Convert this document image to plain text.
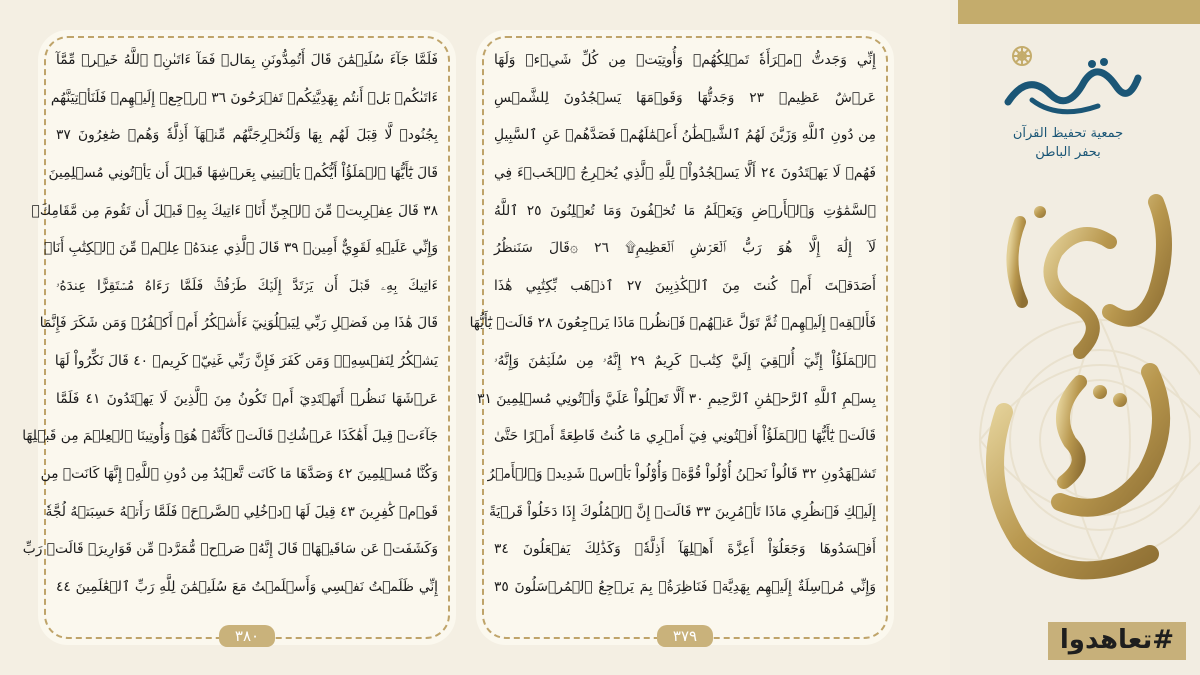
فَلَمَّا جَآءَ سُلَيۡمَٰنَ قَالَ أَتُمِدُّونَنِ بِمَالٖ فَمَآ ءَاتَىٰنِۦَ ٱللَّهُ خَيۡرٞ مِّمَّآ
ءَاتَىٰكُمۚ بَلۡ أَنتُم بِهَدِيَّتِكُمۡ تَفۡرَحُونَ ٣٦ ٱرۡجِعۡ إِلَيۡهِمۡ فَلَنَأۡتِيَنَّهُم
بِجُنُودٖ لَّا قِبَلَ لَهُم بِهَا وَلَنُخۡرِجَنَّهُم مِّنۡهَآ أَذِلَّةٗ وَهُمۡ صَٰغِرُونَ ٣٧
قَالَ يَٰٓأَيُّهَا ٱلۡمَلَؤُاْ أَيُّكُمۡ يَأۡتِينِي بِعَرۡشِهَا قَبۡلَ أَن يَأۡتُونِي مُسۡلِمِينَ
٣٨ قَالَ عِفۡرِيتٞ مِّنَ ٱلۡجِنِّ أَنَا۠ ءَاتِيكَ بِهِۦ قَبۡلَ أَن تَقُومَ مِن مَّقَامِكَۖ
وَإِنِّي عَلَيۡهِ لَقَوِيٌّ أَمِينٞ ٣٩ قَالَ ٱلَّذِي عِندَهُۥ عِلۡمٞ مِّنَ ٱلۡكِتَٰبِ أَنَا۠
ءَاتِيكَ بِهِۦ قَبۡلَ أَن يَرۡتَدَّ إِلَيۡكَ طَرۡفُكَۚ فَلَمَّا رَءَاهُ مُسۡتَقِرًّا عِندَهُۥ
قَالَ هَٰذَا مِن فَضۡلِ رَبِّي لِيَبۡلُوَنِيٓ ءَأَشۡكُرُ أَمۡ أَكۡفُرُۖ وَمَن شَكَرَ فَإِنَّمَا
يَشۡكُرُ لِنَفۡسِهِۦۖ وَمَن كَفَرَ فَإِنَّ رَبِّي غَنِيّٞ كَرِيمٞ ٤٠ قَالَ نَكِّرُواْ لَهَا
عَرۡشَهَا نَنظُرۡ أَتَهۡتَدِيٓ أَمۡ تَكُونُ مِنَ ٱلَّذِينَ لَا يَهۡتَدُونَ ٤١ فَلَمَّا
جَآءَتۡ قِيلَ أَهَٰكَذَا عَرۡشُكِۖ قَالَتۡ كَأَنَّهُۥ هُوَۚ وَأُوتِينَا ٱلۡعِلۡمَ مِن قَبۡلِهَا
وَكُنَّا مُسۡلِمِينَ ٤٢ وَصَدَّهَا مَا كَانَت تَّعۡبُدُ مِن دُونِ ٱللَّهِۖ إِنَّهَا كَانَتۡ مِن
قَوۡمٖ كَٰفِرِينَ ٤٣ قِيلَ لَهَا ٱدۡخُلِي ٱلصَّرۡحَۖ فَلَمَّا رَأَتۡهُ حَسِبَتۡهُ لُجَّةٗ
وَكَشَفَتۡ عَن سَاقَيۡهَاۚ قَالَ إِنَّهُۥ صَرۡحٞ مُّمَرَّدٞ مِّن قَوَارِيرَۗ قَالَتۡ رَبِّ
إِنِّي ظَلَمۡتُ نَفۡسِي وَأَسۡلَمۡتُ مَعَ سُلَيۡمَٰنَ لِلَّهِ رَبِّ ٱلۡعَٰلَمِينَ ٤٤
٣٨٠
إِنِّي وَجَدتُّ ٱمۡرَأَةٗ تَمۡلِكُهُمۡ وَأُوتِيَتۡ مِن كُلِّ شَيۡءٖ وَلَهَا
عَرۡشٌ عَظِيمٞ ٢٣ وَجَدتُّهَا وَقَوۡمَهَا يَسۡجُدُونَ لِلشَّمۡسِ
مِن دُونِ ٱللَّهِ وَزَيَّنَ لَهُمُ ٱلشَّيۡطَٰنُ أَعۡمَٰلَهُمۡ فَصَدَّهُمۡ عَنِ ٱلسَّبِيلِ
فَهُمۡ لَا يَهۡتَدُونَ ٢٤ أَلَّا يَسۡجُدُواْۤ لِلَّهِ ٱلَّذِي يُخۡرِجُ ٱلۡخَبۡءَ فِي
ٱلسَّمَٰوَٰتِ وَٱلۡأَرۡضِ وَيَعۡلَمُ مَا تُخۡفُونَ وَمَا تُعۡلِنُونَ ٢٥ ٱللَّهُ
لَآ إِلَٰهَ إِلَّا هُوَ رَبُّ ٱلۡعَرۡشِ ٱلۡعَظِيمِ۩ ٢٦ ۞قَالَ سَنَنظُرُ
أَصَدَقۡتَ أَمۡ كُنتَ مِنَ ٱلۡكَٰذِبِينَ ٢٧ ٱذۡهَب بِّكِتَٰبِي هَٰذَا
فَأَلۡقِهۡ إِلَيۡهِمۡ ثُمَّ تَوَلَّ عَنۡهُمۡ فَٱنظُرۡ مَاذَا يَرۡجِعُونَ ٢٨ قَالَتۡ يَٰٓأَيُّهَا
ٱلۡمَلَؤُاْ إِنِّيٓ أُلۡقِيَ إِلَيَّ كِتَٰبٞ كَرِيمٌ ٢٩ إِنَّهُۥ مِن سُلَيۡمَٰنَ وَإِنَّهُۥ
بِسۡمِ ٱللَّهِ ٱلرَّحۡمَٰنِ ٱلرَّحِيمِ ٣٠ أَلَّا تَعۡلُواْ عَلَيَّ وَأۡتُونِي مُسۡلِمِينَ ٣١
قَالَتۡ يَٰٓأَيُّهَا ٱلۡمَلَؤُاْ أَفۡتُونِي فِيٓ أَمۡرِي مَا كُنتُ قَاطِعَةً أَمۡرًا حَتَّىٰ
تَشۡهَدُونِ ٣٢ قَالُواْ نَحۡنُ أُوْلُواْ قُوَّةٖ وَأُوْلُواْ بَأۡسٖ شَدِيدٖ وَٱلۡأَمۡرُ
إِلَيۡكِ فَٱنظُرِي مَاذَا تَأۡمُرِينَ ٣٣ قَالَتۡ إِنَّ ٱلۡمُلُوكَ إِذَا دَخَلُواْ قَرۡيَةً
أَفۡسَدُوهَا وَجَعَلُوٓاْ أَعِزَّةَ أَهۡلِهَآ أَذِلَّةٗۚ وَكَذَٰلِكَ يَفۡعَلُونَ ٣٤
وَإِنِّي مُرۡسِلَةٌ إِلَيۡهِم بِهَدِيَّةٖ فَنَاظِرَةُۢ بِمَ يَرۡجِعُ ٱلۡمُرۡسَلُونَ ٣٥
٣٧٩
جمعية تحفيظ القرآن
بحفر الباطن
#تعاهدوا
